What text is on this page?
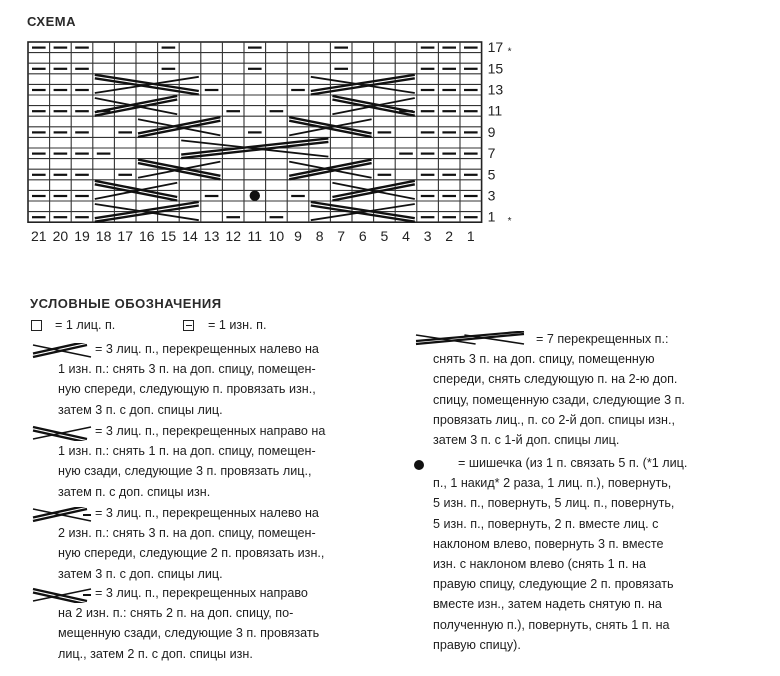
СХЕМА
1
3
5
7
9
11
13
15
17 *
*
21 20 19 18 17 16 15 14 13 12 11 10 9 8 7 6 5 4 3 2 1
УСЛОВНЫЕ ОБОЗНАЧЕНИЯ
= 1 лиц. п.	= 1 изн. п.

= 3 лиц. п., перекрещенных налево на

1 изн. п.: снять 3 п. на доп. спицу, помещен-

ную спереди, следующую п. провязать изн.,

затем 3 п. с доп. спицы лиц.

= 3 лиц. п., перекрещенных направо на

1 изн. п.: снять 1 п. на доп. спицу, помещен-

ную сзади, следующие 3 п. провязать лиц.,

затем п. с доп. спицы изн.

= 3 лиц. п., перекрещенных налево на

2 изн. п.: снять 3 п. на доп. спицу, помещен-

ную спереди, следующие 2 п. провязать изн.,

затем 3 п. с доп. спицы лиц.

= 3 лиц. п., перекрещенных направо

на 2 изн. п.: снять 2 п. на доп. спицу, по-

мещенную сзади, следующие 3 п. провязать

лиц., затем 2 п. с доп. спицы изн.

= 7 перекрещенных п.:

снять 3 п. на доп. спицу, помещенную

спереди, снять следующую п. на 2-ю доп.

спицу, помещенную сзади, следующие 3 п.

провязать лиц., п. со 2-й доп. спицы изн.,

затем 3 п. с 1-й доп. спицы лиц.

= шишечка (из 1 п. связать 5 п. (*1 лиц.

п., 1 накид* 2 раза, 1 лиц. п.), повернуть,

5 изн. п., повернуть, 5 лиц. п., повернуть,

5 изн. п., повернуть, 2 п. вместе лиц. с

наклоном влево, повернуть 3 п. вместе

изн. с наклоном влево (снять 1 п. на

правую спицу, следующие 2 п. провязать

вместе изн., затем надеть снятую п. на

полученную п.), повернуть, снять 1 п. на

правую спицу).
